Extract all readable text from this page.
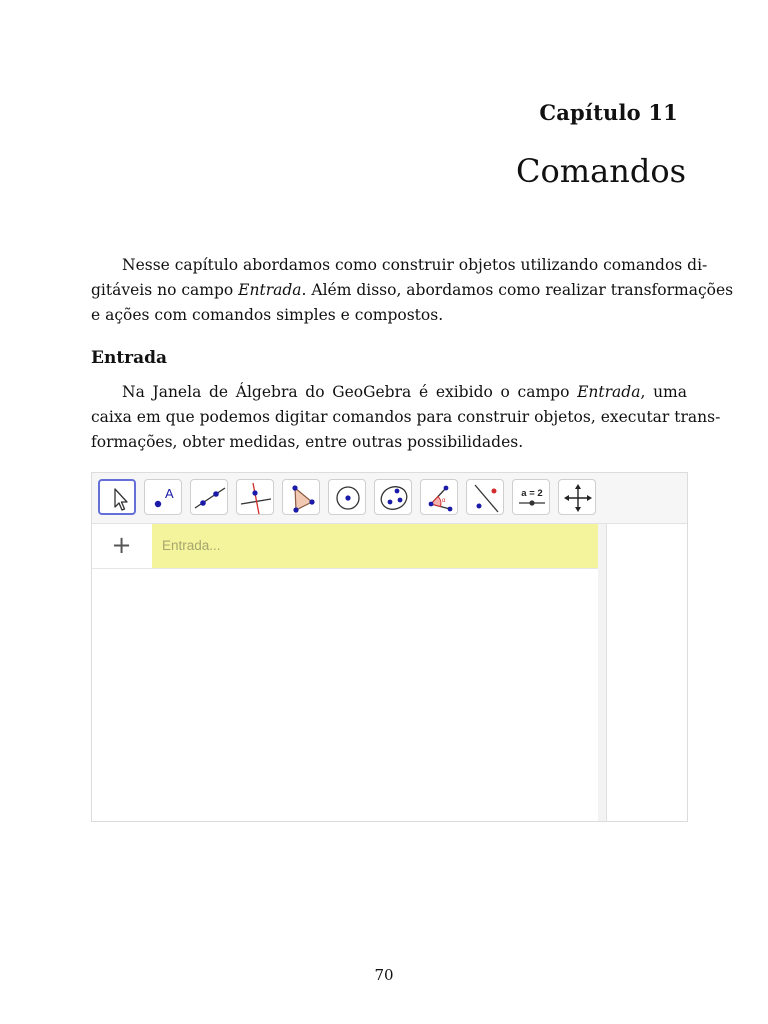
Capítulo 11
Comandos
Nesse capítulo abordamos como construir objetos utilizando comandos di-
gitáveis no campo Entrada. Além disso, abordamos como realizar transformações
e ações com comandos simples e compostos.
Entrada
Na Janela de Álgebra do GeoGebra é exibido o campo Entrada, uma
caixa em que podemos digitar comandos para construir objetos, executar trans-
formações, obter medidas, entre outras possibilidades.
A	α
a = 2
+	Entrada...
70
